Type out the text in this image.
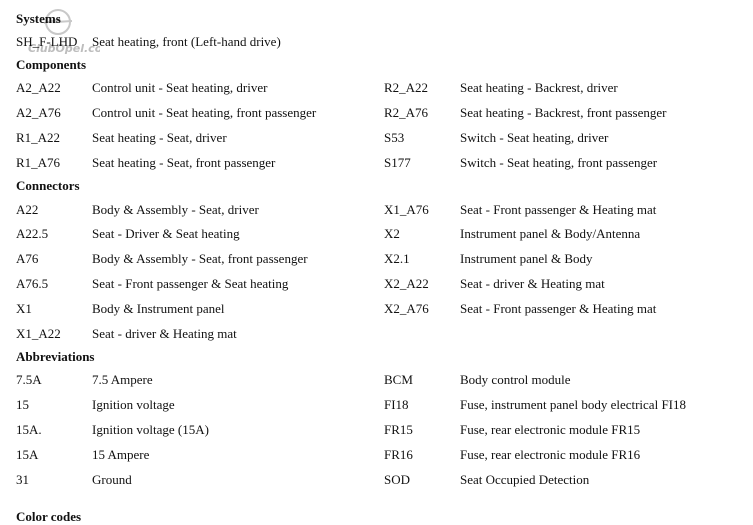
ClubOpel.c
Systems
SH_F-LHD	Seat heating, front (Left-hand drive)
Components
A2_A22	Control unit - Seat heating, driver	R2_A22	Seat heating - Backrest, driver
A2_A76	Control unit - Seat heating, front passenger	R2_A76	Seat heating - Backrest, front passenger
R1_A22	Seat heating - Seat, driver	S53	Switch - Seat heating, driver
R1_A76	Seat heating - Seat, front passenger	S177	Switch - Seat heating, front passenger
Connectors
A22	Body & Assembly - Seat, driver	X1_A76	Seat - Front passenger & Heating mat
A22.5	Seat - Driver & Seat heating	X2	Instrument panel & Body/Antenna
A76	Body & Assembly - Seat, front passenger	X2.1	Instrument panel & Body
A76.5	Seat - Front passenger & Seat heating	X2_A22	Seat - driver & Heating mat
X1	Body & Instrument panel	X2_A76	Seat - Front passenger & Heating mat
X1_A22	Seat - driver & Heating mat
Abbreviations
7.5A	7.5 Ampere	BCM	Body control module
15	Ignition voltage	FI18	Fuse, instrument panel body electrical FI18
15A.	Ignition voltage (15A)	FR15	Fuse, rear electronic module FR15
15A	15 Ampere	FR16	Fuse, rear electronic module FR16
31	Ground	SOD	Seat Occupied Detection
Color codes
